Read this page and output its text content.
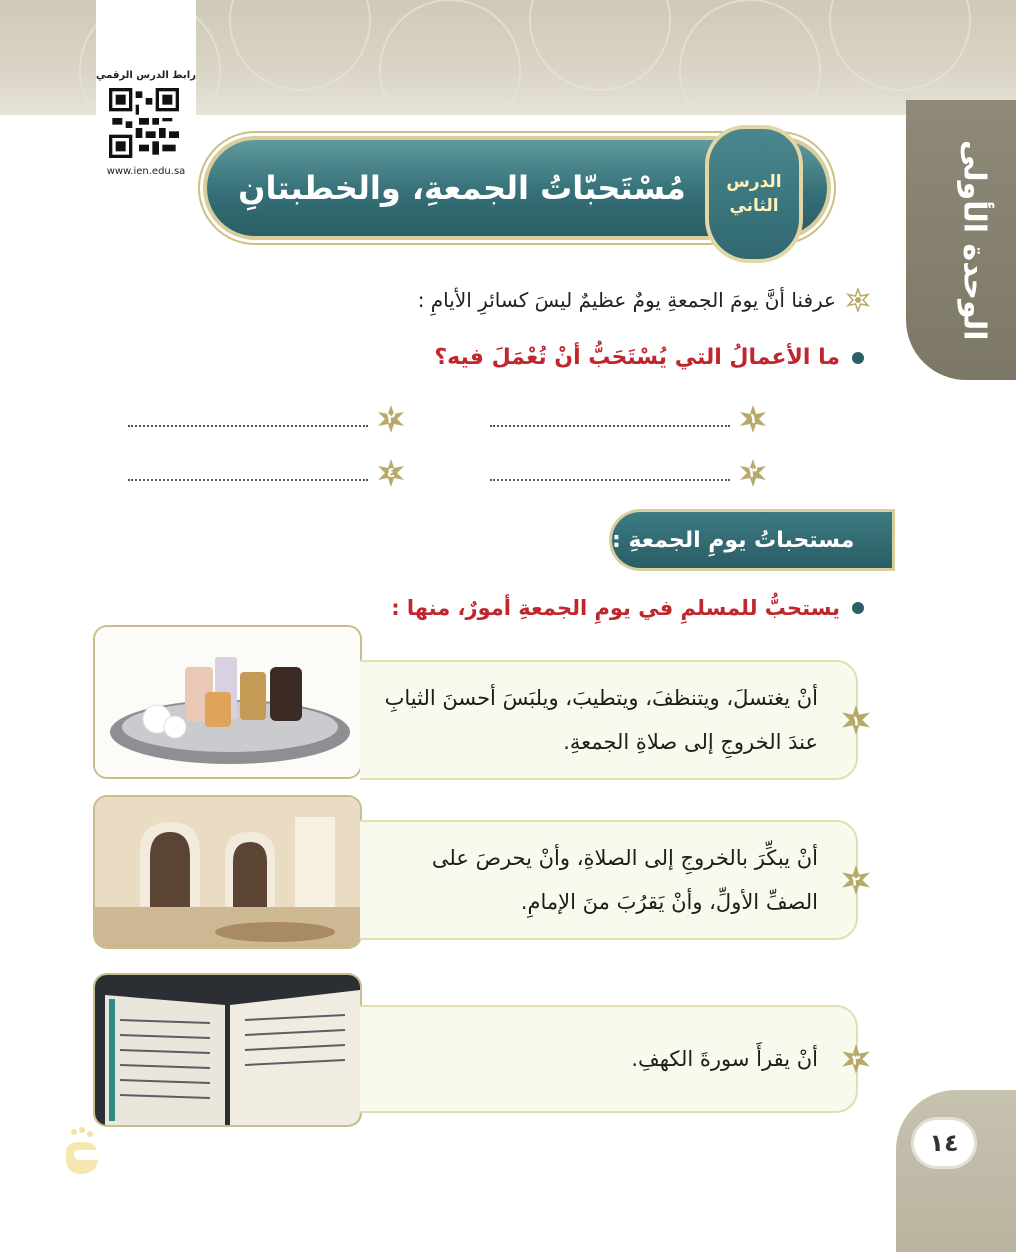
رابط الدرس الرقمي
www.ien.edu.sa	الوحدة الأولى
مُسْتَحبّاتُ الجمعةِ، والخطبتانِ	الدرس
الثاني
عرفنا أنَّ يومَ الجمعةِ يومٌ عظيمٌ ليسَ كسائرِ الأيامِ :
ما الأعمالُ التي يُسْتَحَبُّ أنْ تُعْمَلَ فيه؟
١
٢
٣
٤
مستحباتُ يومِ الجمعةِ :
يستحبُّ للمسلمِ في يومِ الجمعةِ أمورٌ، منها :
١
أنْ يغتسلَ، ويتنظفَ، ويتطيبَ، ويلبَسَ أحسنَ الثيابِ عندَ الخروجِ إلى صلاةِ الجمعةِ.
٢
أنْ يبكِّرَ بالخروجِ إلى الصلاةِ، وأنْ يحرصَ على الصفِّ الأولِّ، وأنْ يَقرُبَ منَ الإمامِ.
٣
أنْ يقرأَ سورةَ الكهفِ.
١٤
